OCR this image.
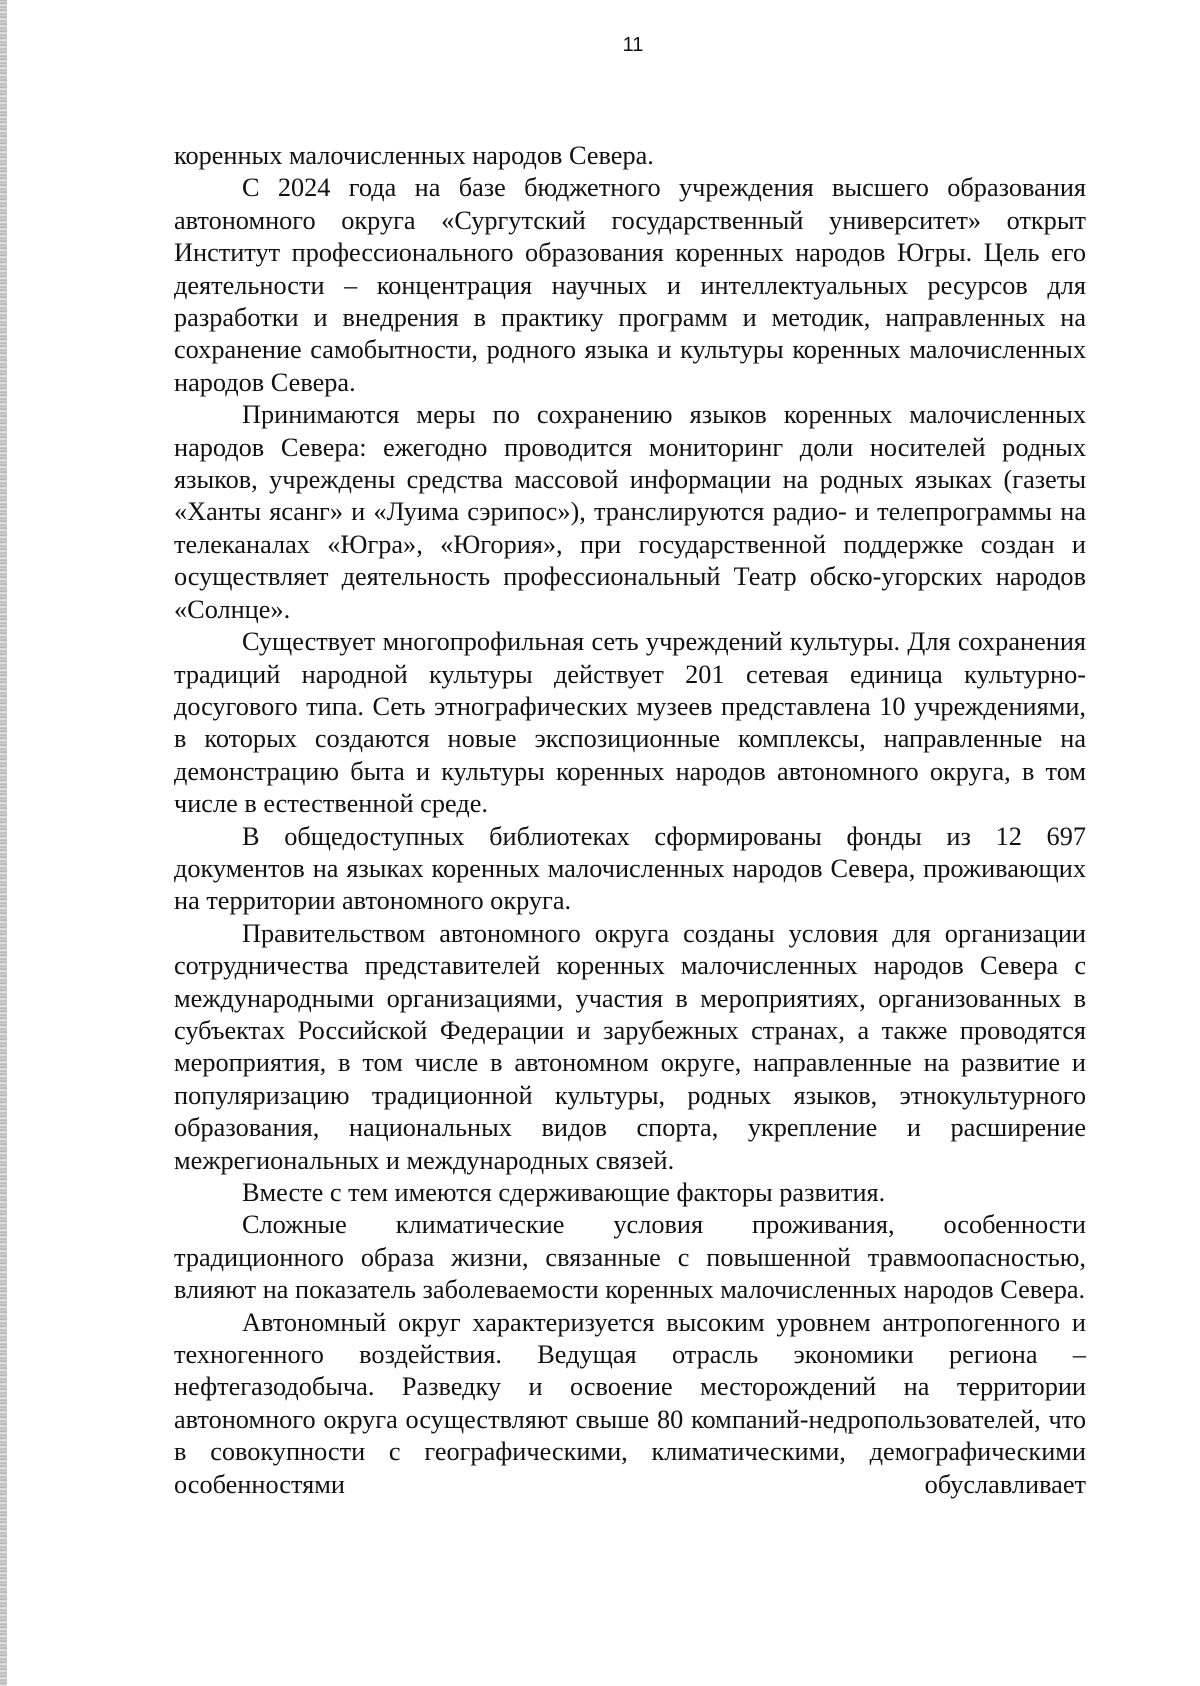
11

коренных малочисленных народов Севера.

С 2024 года на базе бюджетного учреждения высшего образования автономного округа «Сургутский государственный университет» открыт Институт профессионального образования коренных народов Югры. Цель его деятельности – концентрация научных и интеллектуальных ресурсов для разработки и внедрения в практику программ и методик, направленных на сохранение самобытности, родного языка и культуры коренных малочисленных народов Севера.

Принимаются меры по сохранению языков коренных малочисленных народов Севера: ежегодно проводится мониторинг доли носителей родных языков, учреждены средства массовой информации на родных языках (газеты «Ханты ясанг» и «Луима сэрипос»), транслируются радио- и телепрограммы на телеканалах «Югра», «Югория», при государственной поддержке создан и осуществляет деятельность профессиональный Театр обско-угорских народов «Солнце».

Существует многопрофильная сеть учреждений культуры. Для сохранения традиций народной культуры действует 201 сетевая единица культурно-досугового типа. Сеть этнографических музеев представлена 10 учреждениями, в которых создаются новые экспозиционные комплексы, направленные на демонстрацию быта и культуры коренных народов автономного округа, в том числе в естественной среде.

В общедоступных библиотеках сформированы фонды из 12 697 документов на языках коренных малочисленных народов Севера, проживающих на территории автономного округа.

Правительством автономного округа созданы условия для организации сотрудничества представителей коренных малочисленных народов Севера с международными организациями, участия в мероприятиях, организованных в субъектах Российской Федерации и зарубежных странах, а также проводятся мероприятия, в том числе в автономном округе, направленные на развитие и популяризацию традиционной культуры, родных языков, этнокультурного образования, национальных видов спорта, укрепление и расширение межрегиональных и международных связей.

Вместе с тем имеются сдерживающие факторы развития.

Сложные климатические условия проживания, особенности традиционного образа жизни, связанные с повышенной травмоопасностью, влияют на показатель заболеваемости коренных малочисленных народов Севера.

Автономный округ характеризуется высоким уровнем антропогенного и техногенного воздействия. Ведущая отрасль экономики региона – нефтегазодобыча. Разведку и освоение месторождений на территории автономного округа осуществляют свыше 80 компаний-недропользователей, что в совокупности с географическими, климатическими, демографическими особенностями обуславливает
